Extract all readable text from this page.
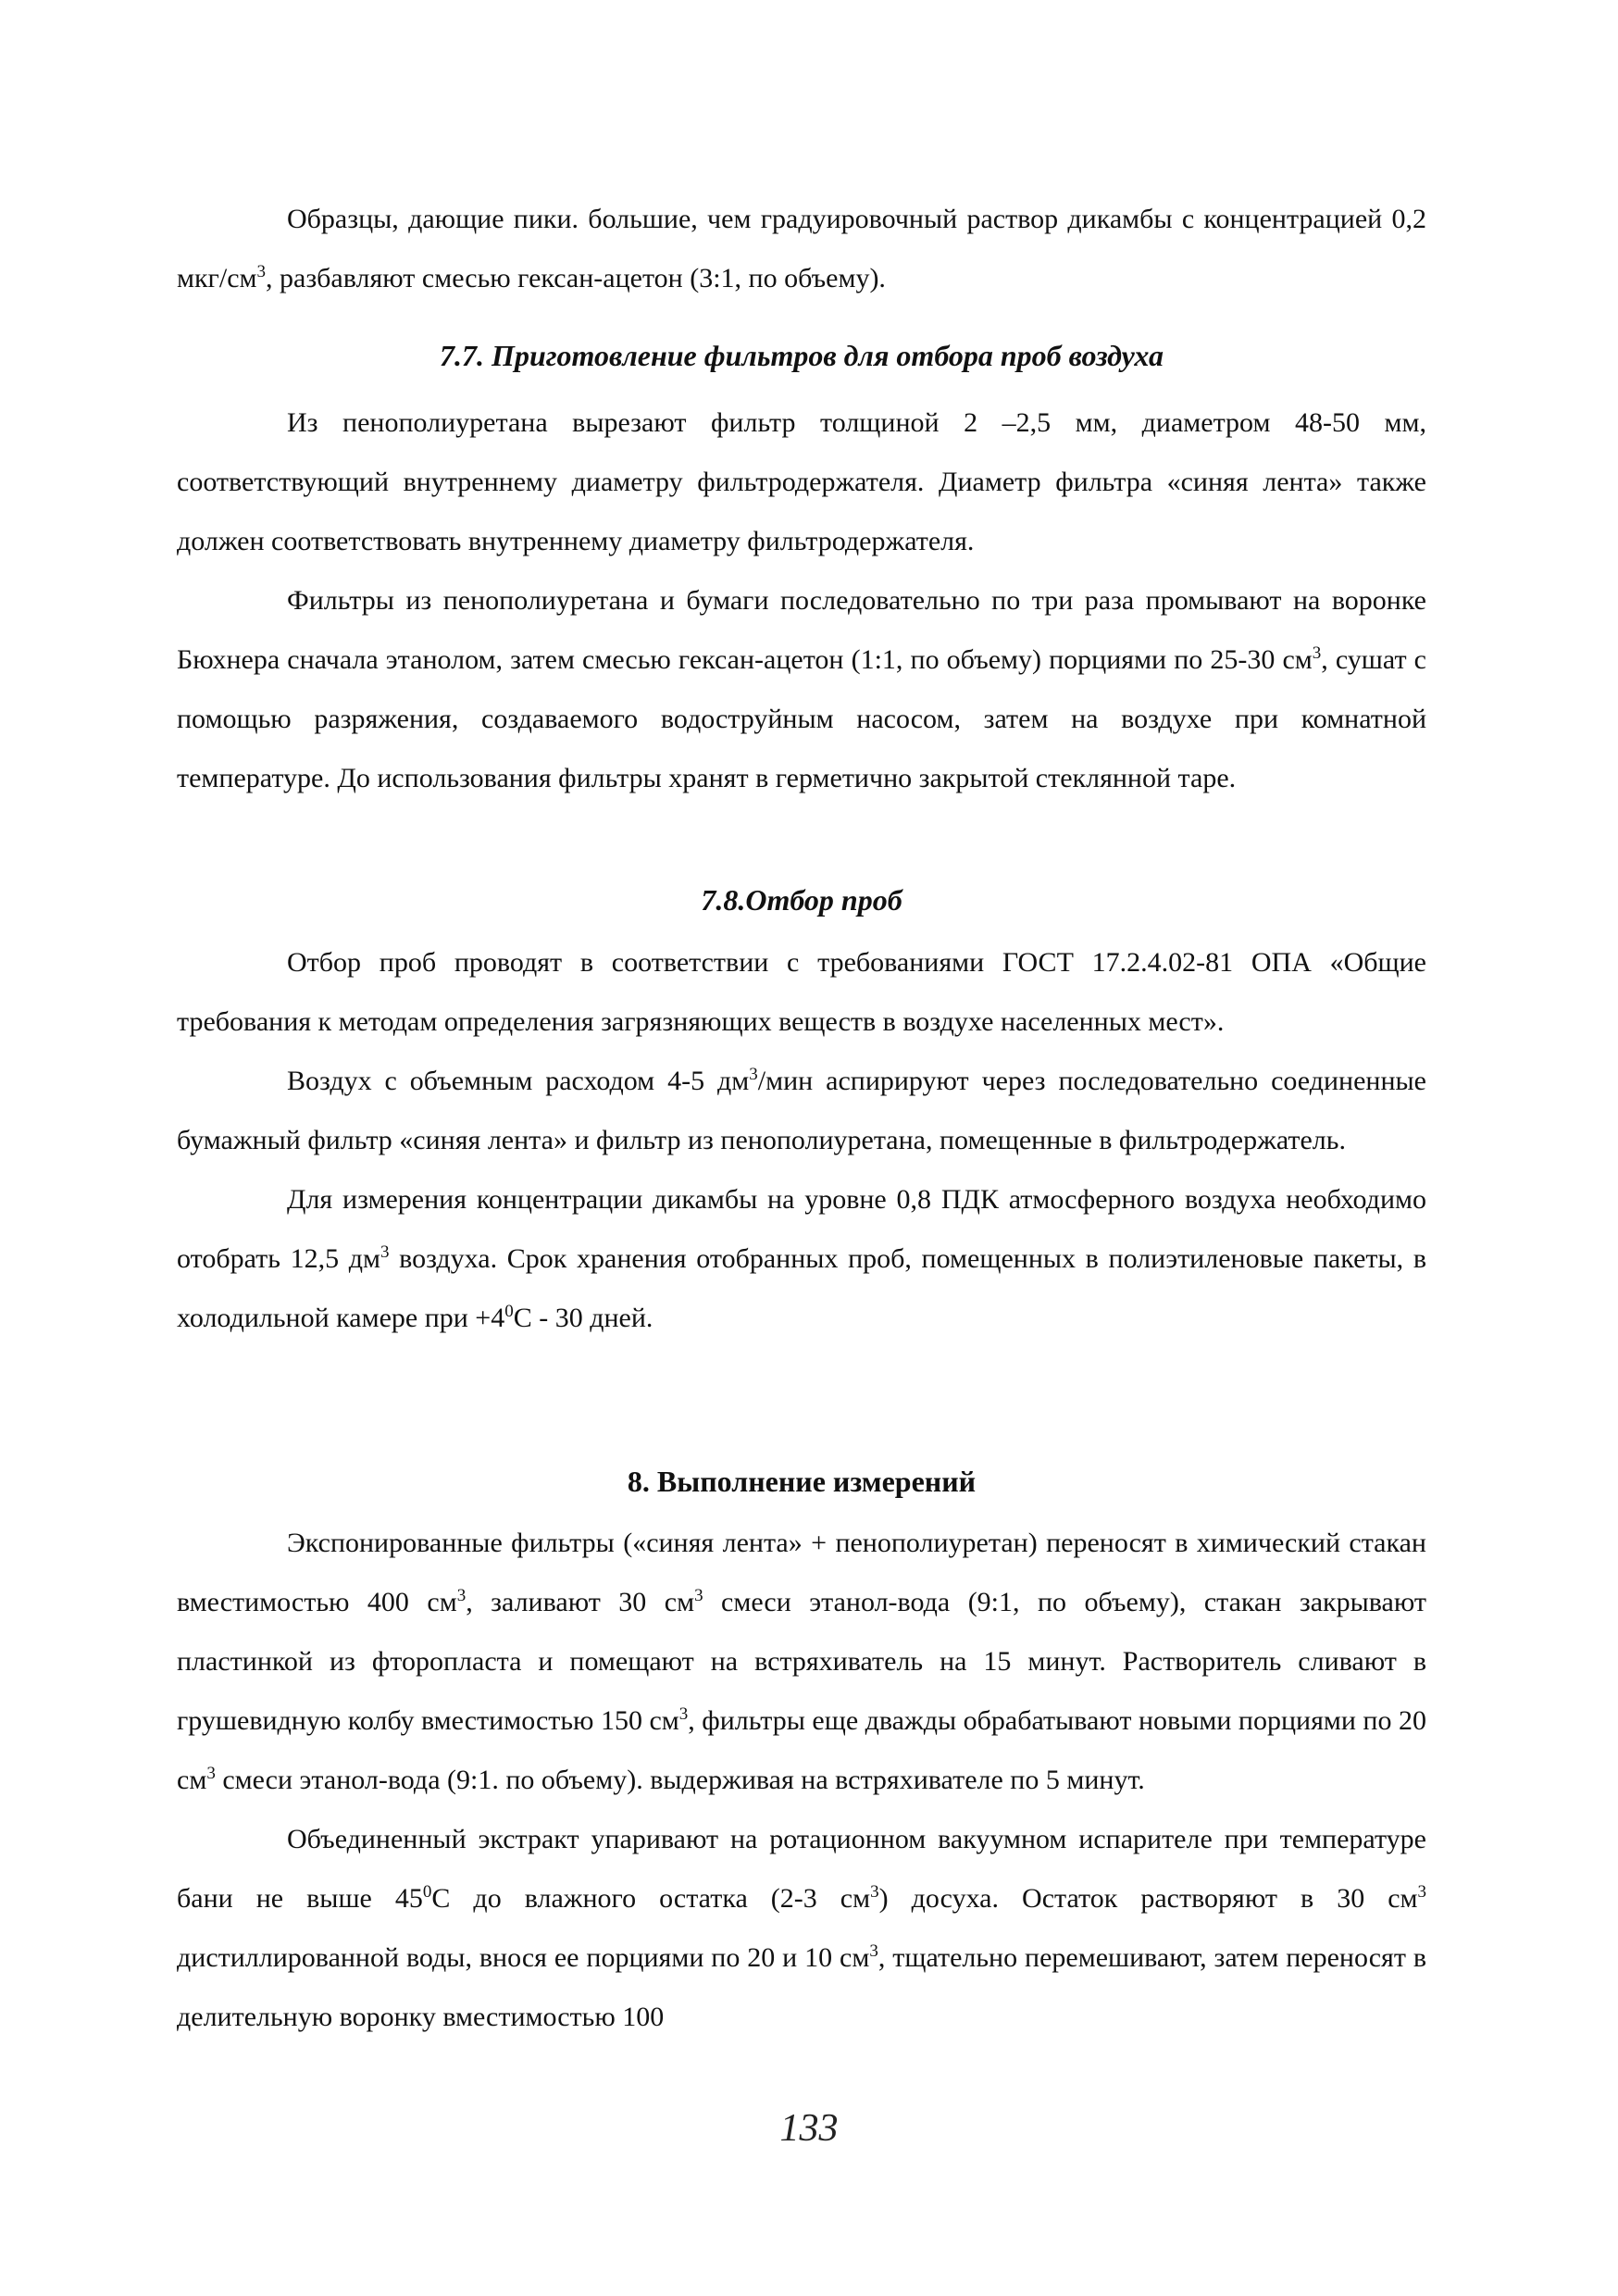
Образцы, дающие пики. большие, чем градуировочный раствор дикамбы с концентрацией 0,2 мкг/$см^3$, разбавляют смесью гексан-ацетон (3:1, по объему).

7.7. Приготовление фильтров для отбора проб воздуха

Из пенополиуретана вырезают фильтр толщиной 2 –2,5 мм, диаметром 48-50 мм, соответствующий внутреннему диаметру фильтродержателя. Диаметр фильтра «синяя лента» также должен соответствовать внутреннему диаметру фильтродержателя.

Фильтры из пенополиуретана и бумаги последовательно по три раза промывают на воронке Бюхнера сначала этанолом, затем смесью гексан-ацетон (1:1, по объему) порциями по 25-30 $см^3$, сушат с помощью разряжения, создаваемого водоструйным насосом, затем на воздухе при комнатной температуре. До использования фильтры хранят в герметично закрытой стеклянной таре.

7.8.Отбор проб

Отбор проб проводят в соответствии с требованиями ГОСТ 17.2.4.02-81 ОПА «Общие требования к методам определения загрязняющих веществ в воздухе населенных мест».

Воздух с объемным расходом 4-5 $дм^3$/мин аспирируют через последовательно соединенные бумажный фильтр «синяя лента» и фильтр из пенополиуретана, помещенные в фильтродержатель.

Для измерения концентрации дикамбы на уровне 0,8 ПДК атмосферного воздуха необходимо отобрать 12,5 $дм^3$ воздуха. Срок хранения отобранных проб, помещенных в полиэтиленовые пакеты, в холодильной камере при $+4^0С - 30$ дней.

8. Выполнение измерений

Экспонированные фильтры («синяя лента» + пенополиуретан) переносят в химический стакан вместимостью 400 $см^3$, заливают 30 $см^3$ смеси этанол-вода (9:1, по объему), стакан закрывают пластинкой из фторопласта и помещают на встряхиватель на 15 минут. Растворитель сливают в грушевидную колбу вместимостью 150 $см^3$, фильтры еще дважды обрабатывают новыми порциями по 20 $см^3$ смеси этанол-вода (9:1. по объему). выдерживая на встряхивателе по 5 минут.

Объединенный экстракт упаривают на ротационном вакуумном испарителе при температуре бани не выше $45^0С$ до влажного остатка (2-3 $см^3$) досуха. Остаток растворяют в 30 $см^3$ дистиллированной воды, внося ее порциями по 20 и 10 $см^3$, тщательно перемешивают, затем переносят в делительную воронку вместимостью 100

133
